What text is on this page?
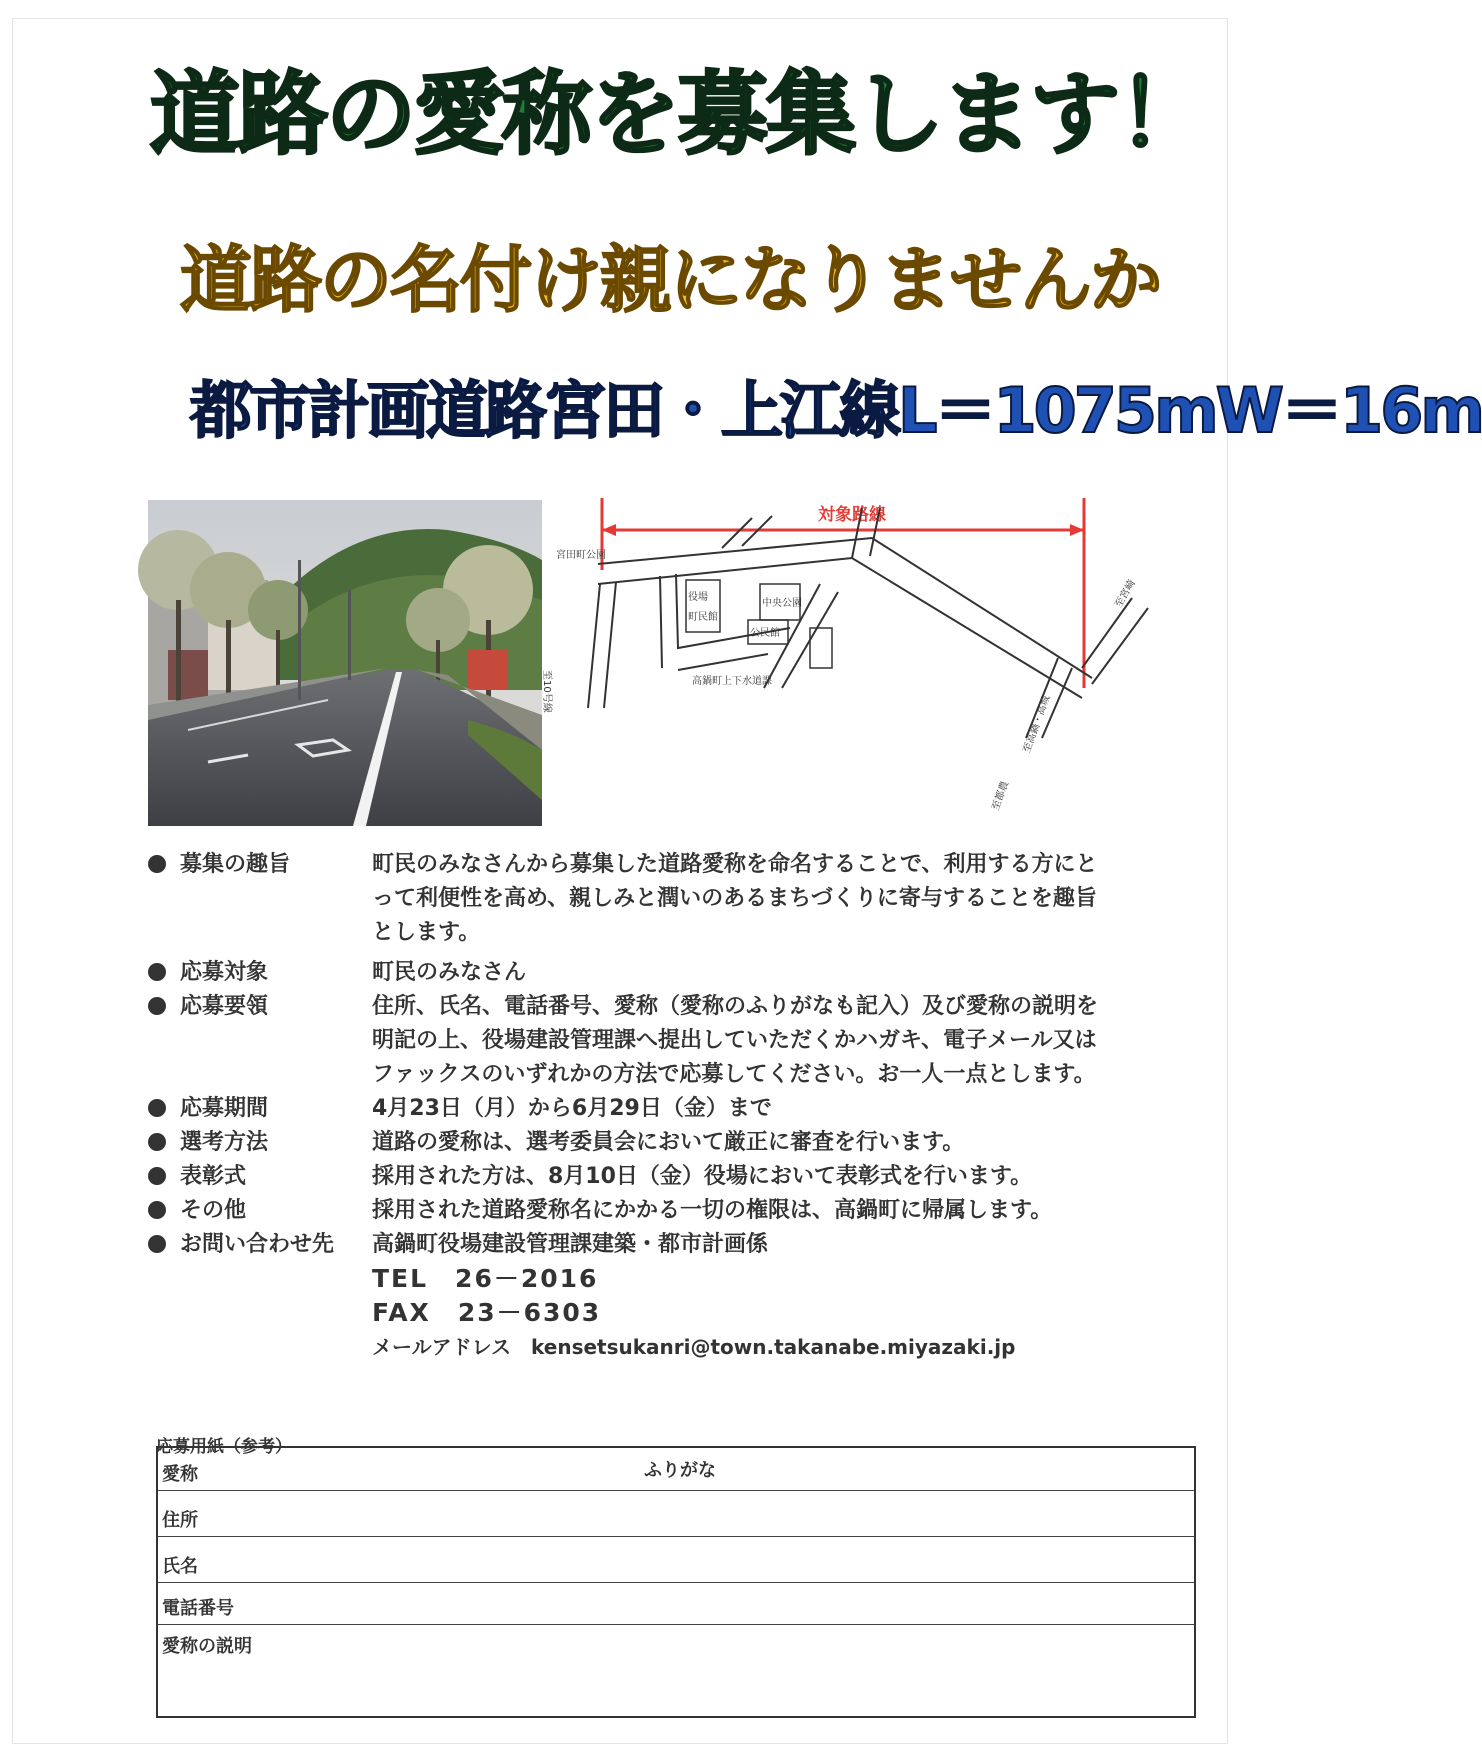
道路の愛称を募集します！
道路の名付け親になりませんか
都市計画道路宮田・上江線L＝1075mW＝16m
対象路線
宮田町公園
役場
町民館
中央公園
公民館
高鍋町上下水道課
至10号線
至高鍋・高城
至宮崎
至都農
募集の趣旨	町民のみなさんから募集した道路愛称を命名することで、利用する方にとって利便性を高め、親しみと潤いのあるまちづくりに寄与することを趣旨とします。
応募対象	町民のみなさん
応募要領	住所、氏名、電話番号、愛称（愛称のふりがなも記入）及び愛称の説明を明記の上、役場建設管理課へ提出していただくかハガキ、電子メール又はファックスのいずれかの方法で応募してください。お一人一点とします。
応募期間	4月23日（月）から6月29日（金）まで
選考方法	道路の愛称は、選考委員会において厳正に審査を行います。
表彰式	採用された方は、8月10日（金）役場において表彰式を行います。
その他	採用された道路愛称名にかかる一切の権限は、高鍋町に帰属します。
お問い合わせ先	高鍋町役場建設管理課建築・都市計画係
TEL　26－2016
FAX　23－6303
メールアドレス　kensetsukanri@town.takanabe.miyazaki.jp
応募用紙（参考）
ふりがな
愛称
住所
氏名
電話番号
愛称の説明
